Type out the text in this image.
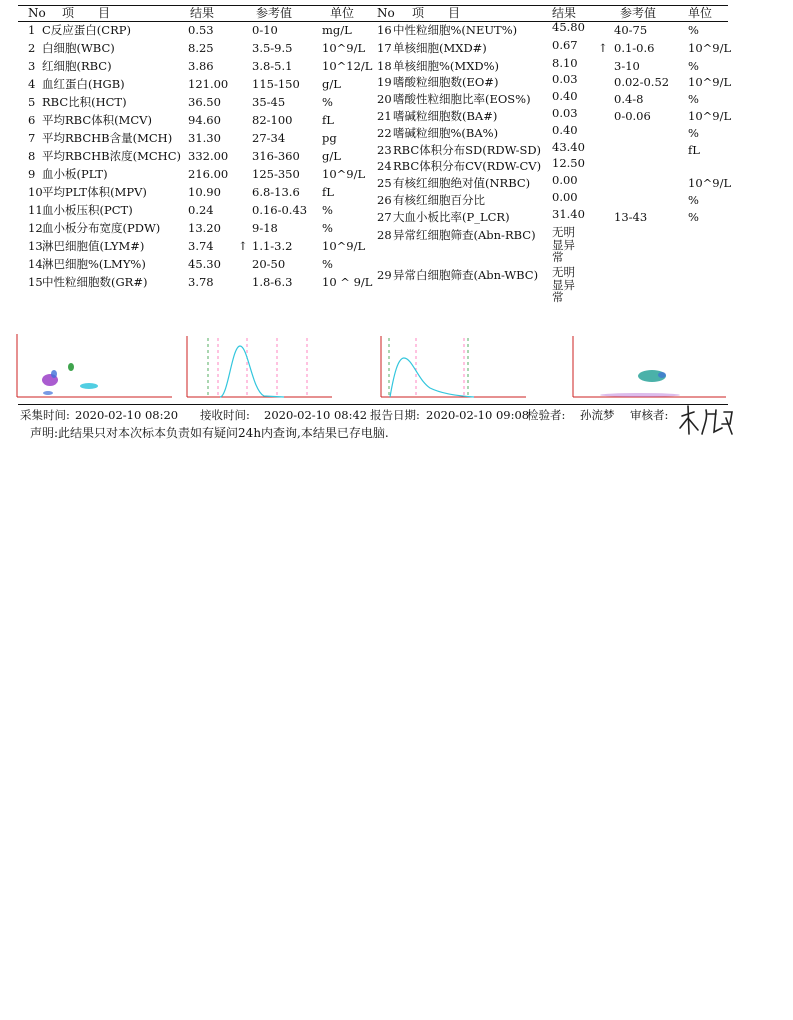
No 项　　目	结果	参考值	单位 No 项　　目	结果	参考值	单位
1 C反应蛋白(CRP)	0.53	0-10	mg/L
2 白细胞(WBC)	8.25	3.5-9.5	10^9/L
3 红细胞(RBC)	3.86	3.8-5.1	10^12/L
4 血红蛋白(HGB)	121.00 115-150 g/L
5 RBC比积(HCT)	36.50	35-45	%
6 平均RBC体积(MCV)	94.60	82-100	fL
7 平均RBCHB含量(MCH) 31.30	27-34	pg
8 平均RBCHB浓度(MCHC) 332.00 316-360 g/L
9 血小板(PLT)	216.00 125-350 10^9/L
10 平均PLT体积(MPV)	10.90	6.8-13.6 fL
11 血小板压积(PCT)	0.24	0.16-0.43 %
12 血小板分布宽度(PDW) 13.20	9-18	%
13 淋巴细胞值(LYM#)	3.74 ↑ 1.1-3.2	10^9/L
14 淋巴细胞%(LMY%)	45.30	20-50	%
15 中性粒细胞数(GR#)	3.78	1.8-6.3	10 ^ 9/L
16 中性粒细胞%(NEUT%)	45.80	40-75	%
17 单核细胞(MXD#)	0.67	↑ 0.1-0.6	10^9/L
18 单核细胞%(MXD%)	8.10	3-10	%
19 嗜酸粒细胞数(EO#)	0.03	0.02-0.52 10^9/L
20 嗜酸性粒细胞比率(EOS%) 0.40	0.4-8	%
21 嗜碱粒细胞数(BA#)	0.03	0-0.06	10^9/L
22 嗜碱粒细胞%(BA%)	0.40	%
23 RBC体积分布SD(RDW-SD) 43.40	fL
24 RBC体积分布CV(RDW-CV) 12.50
25 有核红细胞绝对值(NRBC) 0.00	10^9/L
26 有核红细胞百分比	0.00	%
27 大血小板比率(P_LCR)	31.40	13-43	%
28 异常红细胞筛查(Abn-RBC) 无明显异常
29 异常白细胞筛查(Abn-WBC) 无明显异常
采集时间: 2020-02-10 08:20 接收时间: 2020-02-10 08:42 报告日期: 2020-02-10 09:08
检验者: 孙流梦 审核者:
声明:此结果只对本次标本负责如有疑问24h内查询,本结果已存电脑.
